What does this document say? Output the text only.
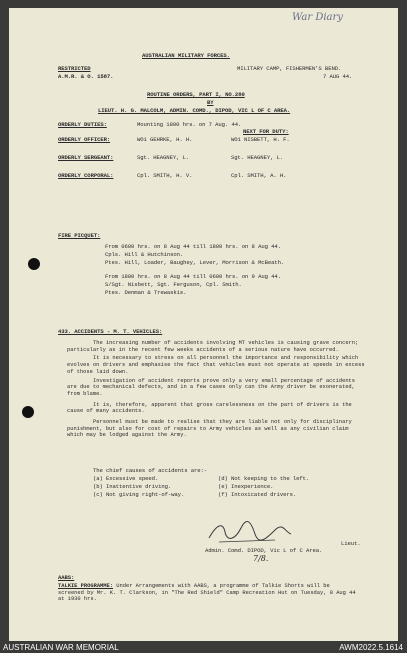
War Diary
AUSTRALIAN MILITARY FORCES.
RESTRICTED
A.M.R. & O. 1587.
MILITARY CAMP, FISHERMEN'S BEND.
7 AUG 44.
ROUTINE ORDERS, PART I, NO.280
BY
LIEUT. H. G. MALCOLM, ADMIN. COMD., DIPOD, VIC L OF C AREA.
ORDERLY DUTIES:	Mounting 1800 hrs. on 7 Aug. 44.
NEXT FOR DUTY:
ORDERLY OFFICER:	WO1 GEHRKE, H. H.	WO1 NISBETT, H. F.
ORDERLY SERGEANT:	Sgt. HEAGNEY, L.	Sgt. HEAGNEY, L.
ORDERLY CORPORAL:	Cpl. SMITH, H. V.	Cpl. SMITH, A. H.
FIRE PICQUET:
From 0600 hrs. on 8 Aug 44 till 1800 hrs. on 8 Aug 44.
Cpls. Hill & Hutchinson.
Ptes. Hill, Loader, Baughey, Lever, Morrison & McBeath.
From 1800 hrs. on 8 Aug 44 till 0600 hrs. on 9 Aug 44.
S/Sgt. Nisbett, Sgt. Ferguson, Cpl. Smith.
Ptes. Denman & Trewaskis.
433. ACCIDENTS - M. T. VEHICLES:

The increasing number of accidents involving MT vehicles is causing grave concern; particularly as in the recent few weeks accidents of a serious nature have occurred.

It is necessary to stress on all personnel the importance and responsibility which evolves on drivers and emphasise the fact that vehicles must not operate at speeds in excess of those laid down.

Investigation of accident reports prove only a very small percentage of accidents are due to mechanical defects, and in a few cases only can the Army driver be exonerated, from blame.

It is, therefore, apparent that gross carelessness on the part of drivers is the cause of many accidents.

Personnel must be made to realise that they are liable not only for disciplinary punishment, but also for cost of repairs to Army vehicles as well as any civilian claim which may be lodged against the Army.

The chief causes of accidents are:-
(a) Excessive speed.	(d) Not keeping to the left.
(b) Inattentive driving.	(e) Inexperience.
(c) Not giving right-of-way.	(f) Intoxicated drivers.
Lieut.
Admin. Comd. DIPOD, Vic L of C Area.
7/8.
AABS:
TALKIE PROGRAMME: Under Arrangements with AABS, a programme of Talkie Shorts will be screened by Mr. K. T. Clarkson, in "The Red Shield" Camp Recreation Hut on Tuesday, 8 Aug 44 at 1930 hrs.
AUSTRALIAN WAR MEMORIAL	AWM2022.5.1614
